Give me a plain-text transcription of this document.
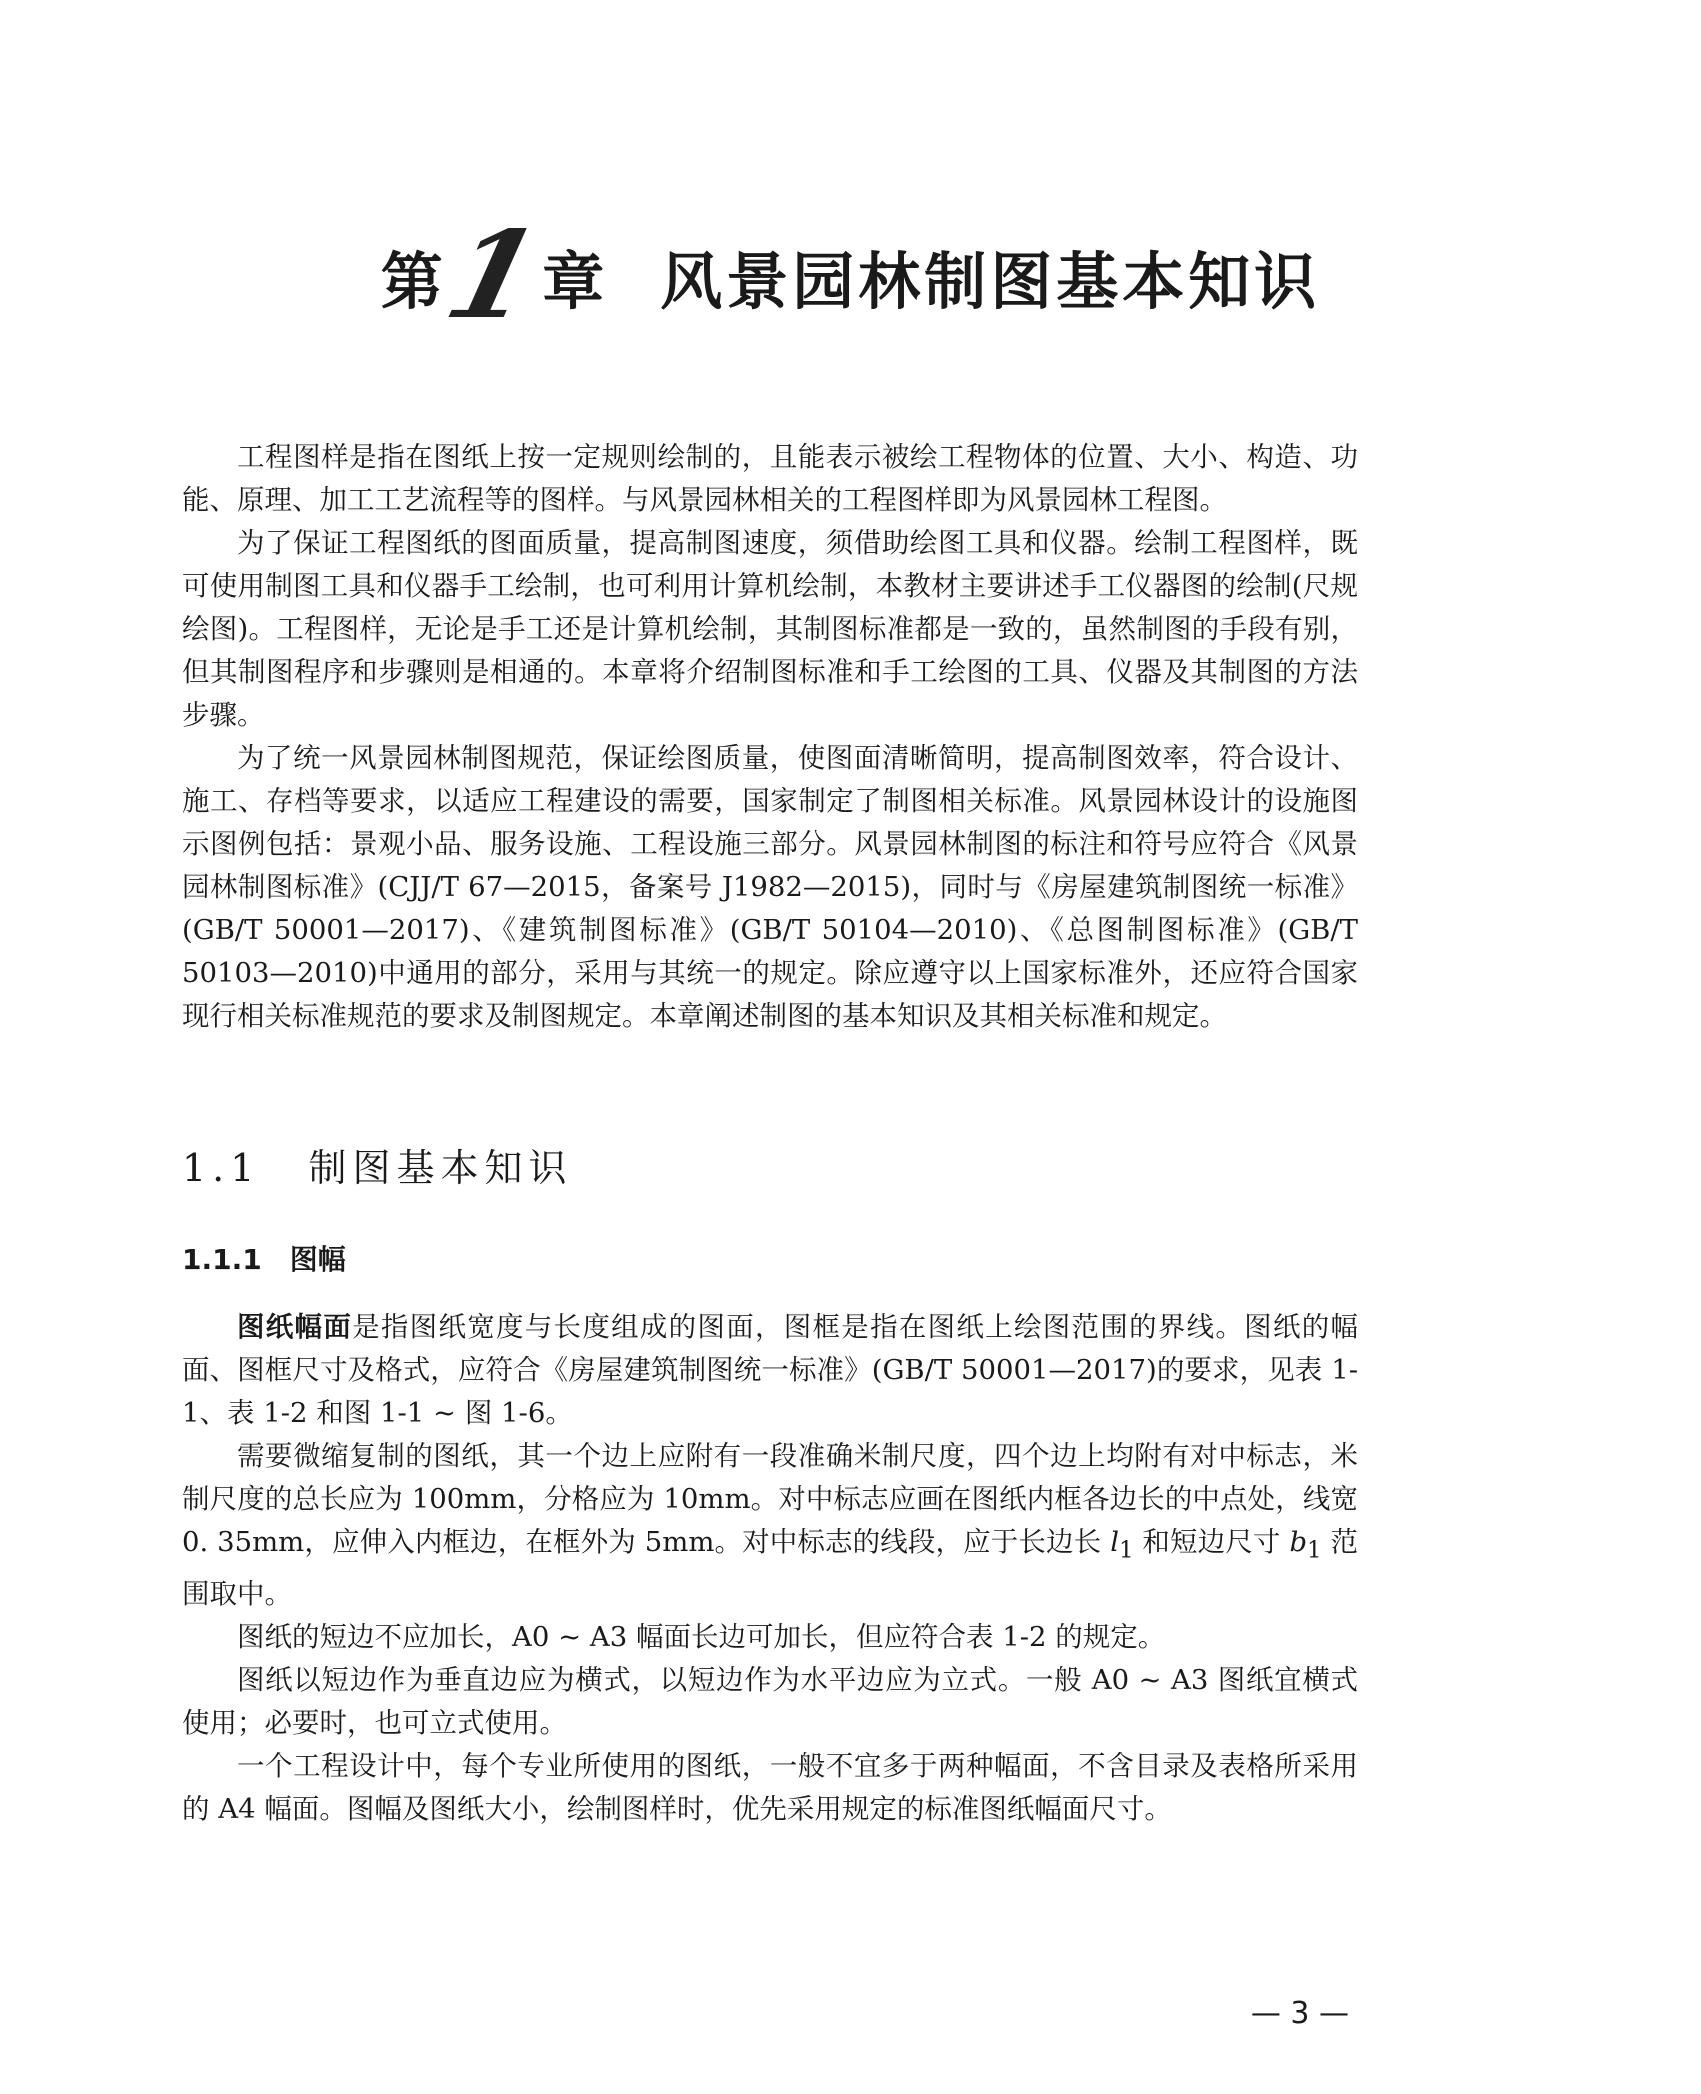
第1章 风景园林制图基本知识

工程图样是指在图纸上按一定规则绘制的，且能表示被绘工程物体的位置、大小、构造、功能、原理、加工工艺流程等的图样。与风景园林相关的工程图样即为风景园林工程图。

为了保证工程图纸的图面质量，提高制图速度，须借助绘图工具和仪器。绘制工程图样，既可使用制图工具和仪器手工绘制，也可利用计算机绘制，本教材主要讲述手工仪器图的绘制(尺规绘图)。工程图样，无论是手工还是计算机绘制，其制图标准都是一致的，虽然制图的手段有别，但其制图程序和步骤则是相通的。本章将介绍制图标准和手工绘图的工具、仪器及其制图的方法步骤。

为了统一风景园林制图规范，保证绘图质量，使图面清晰简明，提高制图效率，符合设计、施工、存档等要求，以适应工程建设的需要，国家制定了制图相关标准。风景园林设计的设施图示图例包括：景观小品、服务设施、工程设施三部分。风景园林制图的标注和符号应符合《风景园林制图标准》(CJJ/T 67—2015，备案号 J1982—2015)，同时与《房屋建筑制图统一标准》(GB/T 50001—2017)、《建筑制图标准》(GB/T 50104—2010)、《总图制图标准》(GB/T 50103—2010)中通用的部分，采用与其统一的规定。除应遵守以上国家标准外，还应符合国家现行相关标准规范的要求及制图规定。本章阐述制图的基本知识及其相关标准和规定。

1.1 制图基本知识
1.1.1 图幅

图纸幅面是指图纸宽度与长度组成的图面，图框是指在图纸上绘图范围的界线。图纸的幅面、图框尺寸及格式，应符合《房屋建筑制图统一标准》(GB/T 50001—2017)的要求，见表 1-1、表 1-2 和图 1-1 ~ 图 1-6。

需要微缩复制的图纸，其一个边上应附有一段准确米制尺度，四个边上均附有对中标志，米制尺度的总长应为 100mm，分格应为 10mm。对中标志应画在图纸内框各边长的中点处，线宽 0. 35mm，应伸入内框边，在框外为 5mm。对中标志的线段，应于长边长 $l_1$ 和短边尺寸 $b_1$ 范围取中。

图纸的短边不应加长，A0 ~ A3 幅面长边可加长，但应符合表 1-2 的规定。

图纸以短边作为垂直边应为横式，以短边作为水平边应为立式。一般 A0 ~ A3 图纸宜横式使用；必要时，也可立式使用。

一个工程设计中，每个专业所使用的图纸，一般不宜多于两种幅面，不含目录及表格所采用的 A4 幅面。图幅及图纸大小，绘制图样时，优先采用规定的标准图纸幅面尺寸。

— 3 —
